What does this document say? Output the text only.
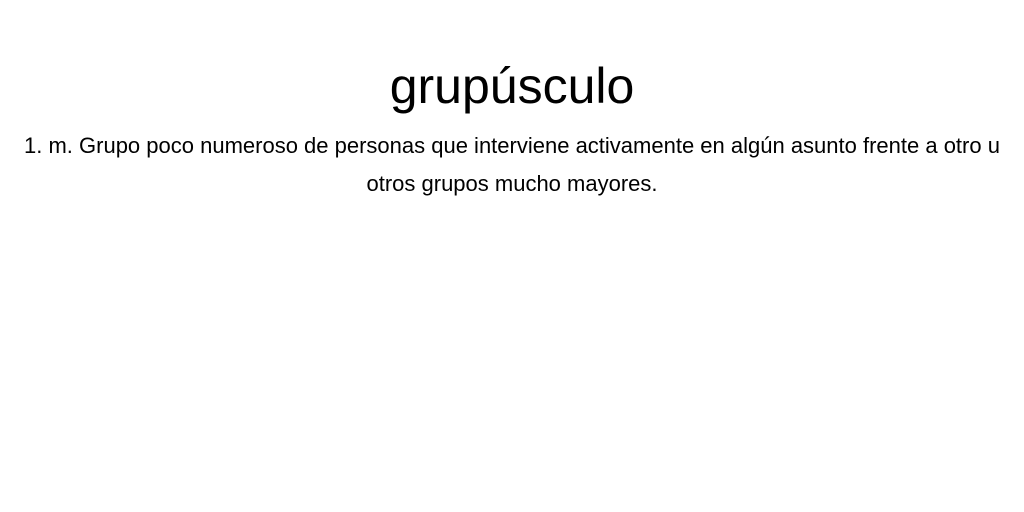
grupúsculo

1. m. Grupo poco numeroso de personas que interviene activamente en algún asunto frente a otro u otros grupos mucho mayores.
